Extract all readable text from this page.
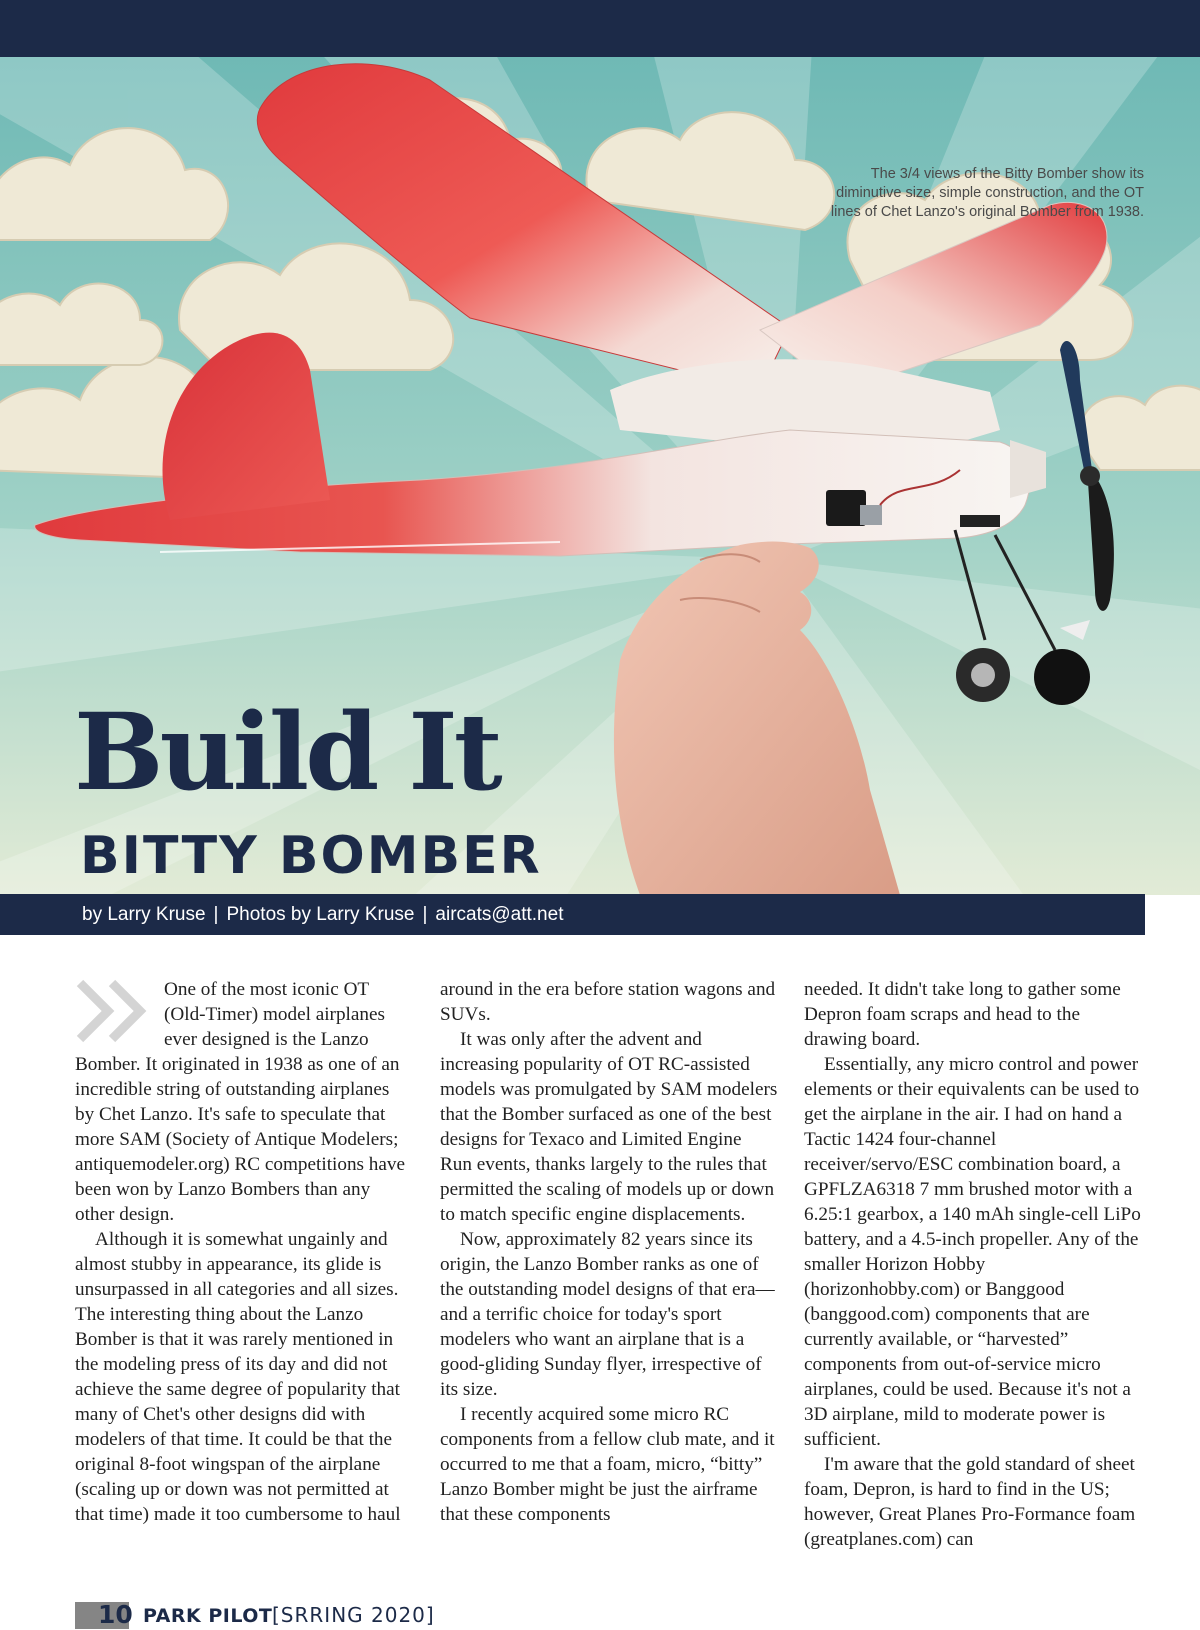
The 3/4 views of the Bitty Bomber show its diminutive size, simple construction, and the OT lines of Chet Lanzo's original Bomber from 1938.
Build It
BITTY BOMBER
by Larry Kruse | Photos by Larry Kruse | aircats@att.net

One of the most iconic OT (Old-Timer) model airplanes ever designed is the Lanzo Bomber. It originated in 1938 as one of an incredible string of outstanding airplanes by Chet Lanzo. It's safe to speculate that more SAM (Society of Antique Modelers; antiquemodeler.org) RC competitions have been won by Lanzo Bombers than any other design.

Although it is somewhat ungainly and almost stubby in appearance, its glide is unsurpassed in all categories and all sizes. The interesting thing about the Lanzo Bomber is that it was rarely mentioned in the modeling press of its day and did not achieve the same degree of popularity that many of Chet's other designs did with modelers of that time. It could be that the original 8-foot wingspan of the airplane (scaling up or down was not permitted at that time) made it too cumbersome to haul

around in the era before station wagons and SUVs.

It was only after the advent and increasing popularity of OT RC-assisted models was promulgated by SAM modelers that the Bomber surfaced as one of the best designs for Texaco and Limited Engine Run events, thanks largely to the rules that permitted the scaling of models up or down to match specific engine displacements.

Now, approximately 82 years since its origin, the Lanzo Bomber ranks as one of the outstanding model designs of that era—and a terrific choice for today's sport modelers who want an airplane that is a good-gliding Sunday flyer, irrespective of its size.

I recently acquired some micro RC components from a fellow club mate, and it occurred to me that a foam, micro, “bitty” Lanzo Bomber might be just the airframe that these components

needed. It didn't take long to gather some Depron foam scraps and head to the drawing board.

Essentially, any micro control and power elements or their equivalents can be used to get the airplane in the air. I had on hand a Tactic 1424 four-channel receiver/servo/ESC combination board, a GPFLZA6318 7 mm brushed motor with a 6.25:1 gearbox, a 140 mAh single-cell LiPo battery, and a 4.5-inch propeller. Any of the smaller Horizon Hobby (horizonhobby.com) or Banggood (banggood.com) components that are currently available, or “harvested” components from out-of-service micro airplanes, could be used. Because it's not a 3D airplane, mild to moderate power is sufficient.

I'm aware that the gold standard of sheet foam, Depron, is hard to find in the US; however, Great Planes Pro-Formance foam (greatplanes.com) can

10 PARK PILOT [SRRING 2020]
